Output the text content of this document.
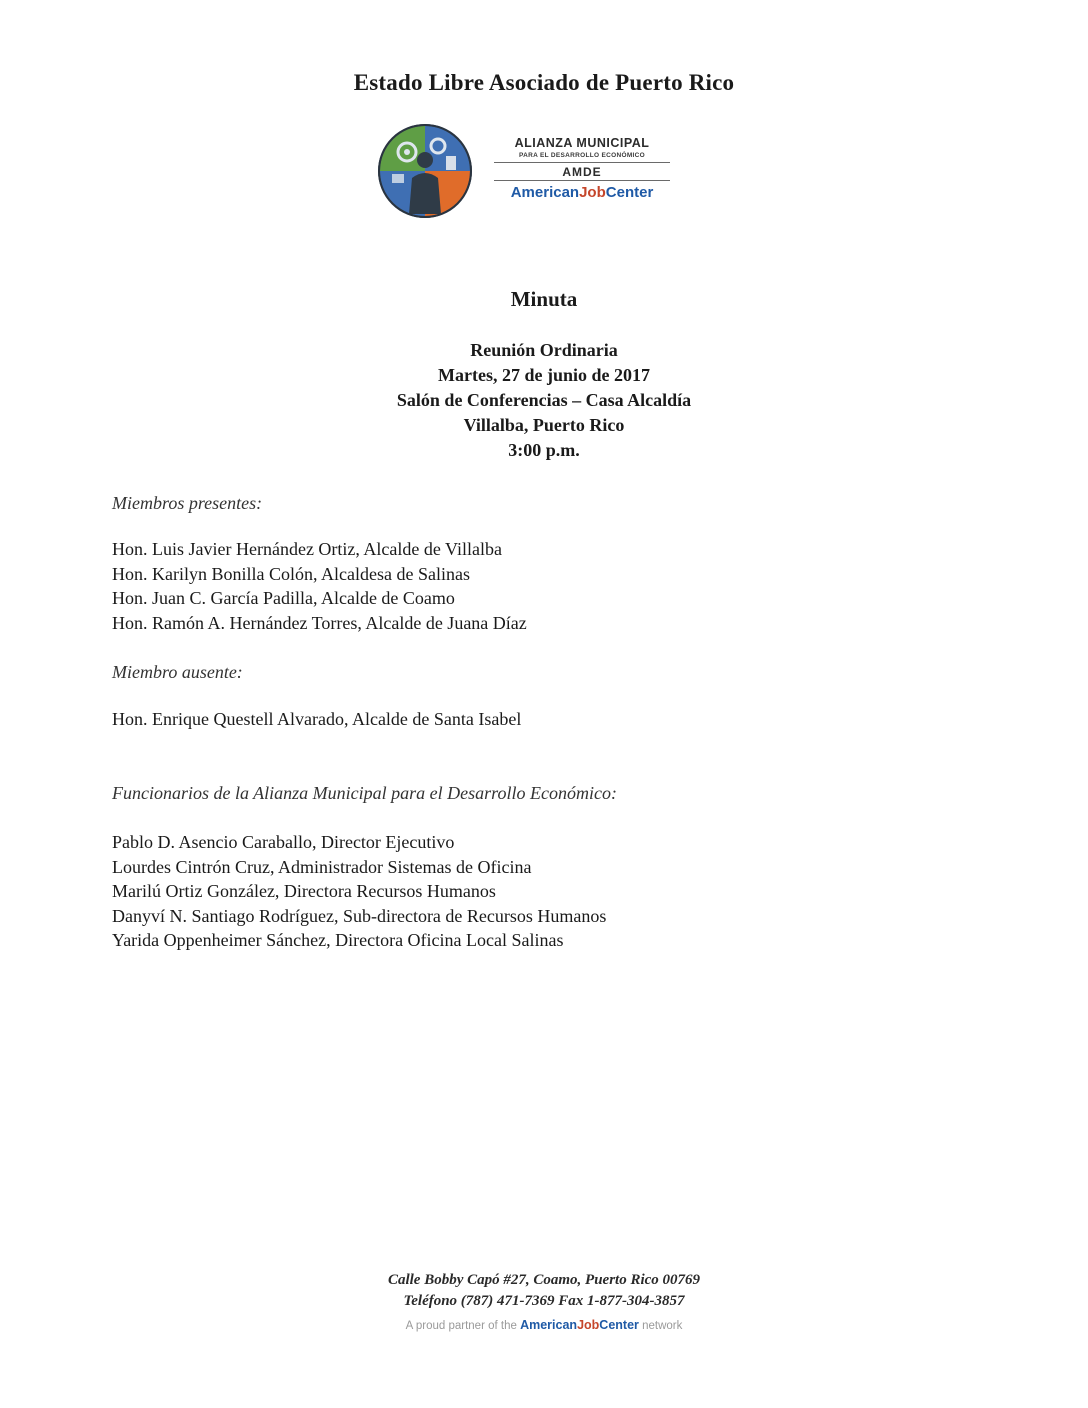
Estado Libre Asociado de Puerto Rico
ALIANZA MUNICIPAL
PARA EL DESARROLLO ECONÓMICO
AMDE
AmericanJobCenter
Minuta
Reunión Ordinaria
Martes, 27 de junio de 2017
Salón de Conferencias – Casa Alcaldía
Villalba, Puerto Rico
3:00 p.m.
Miembros presentes:
Hon. Luis Javier Hernández Ortiz, Alcalde de Villalba
Hon. Karilyn Bonilla Colón, Alcaldesa de Salinas
Hon. Juan C. García Padilla, Alcalde de Coamo
Hon. Ramón A. Hernández Torres, Alcalde de Juana Díaz
Miembro ausente:
Hon. Enrique Questell Alvarado, Alcalde de Santa Isabel
Funcionarios de la Alianza Municipal para el Desarrollo Económico:
Pablo D. Asencio Caraballo, Director Ejecutivo
Lourdes Cintrón Cruz, Administrador Sistemas de Oficina
Marilú Ortiz González, Directora Recursos Humanos
Danyví N. Santiago Rodríguez, Sub-directora de Recursos Humanos
Yarida Oppenheimer Sánchez, Directora Oficina Local Salinas
Calle Bobby Capó #27, Coamo, Puerto Rico 00769
Teléfono (787) 471-7369 Fax 1-877-304-3857
A proud partner of the AmericanJobCenter network
